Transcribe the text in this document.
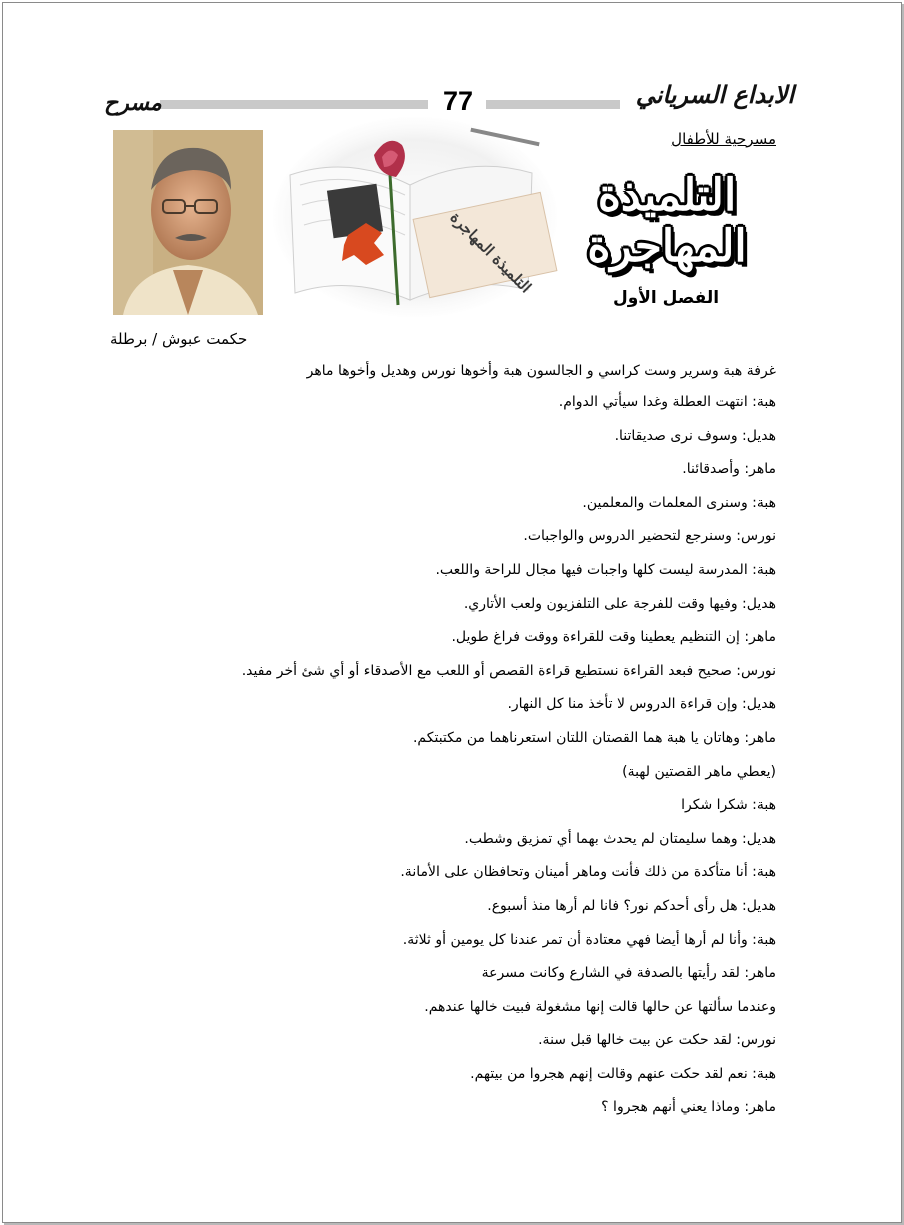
مسرح	77	الابداع السرياني
التلميذة المهاجرة
مسرحية للأطفال
التلميذة المهاجرة
الفصل الأول
حكمت عبوش / برطلة
غرفة هبة وسرير وست كراسي و الجالسون هبة وأخوها نورس وهديل وأخوها ماهر
هبة: انتهت العطلة وغدا سيأتي الدوام.
هديل: وسوف نرى صديقاتنا.
ماهر: وأصدقائنا.
هبة: وسنرى المعلمات والمعلمين.
نورس: وسنرجع لتحضير الدروس والواجبات.
هبة: المدرسة ليست كلها واجبات فيها مجال للراحة واللعب.
هديل: وفيها وقت للفرجة على التلفزيون ولعب الأتاري.
ماهر: إن التنظيم يعطينا وقت للقراءة ووقت فراغ طويل.
نورس: صحيح فبعد القراءة نستطيع قراءة القصص أو اللعب مع الأصدقاء أو أي شئ أخر مفيد.
هديل: وإن قراءة الدروس لا تأخذ منا كل النهار.
ماهر: وهاتان يا هبة هما القصتان اللتان استعرناهما من مكتبتكم.
(يعطي ماهر القصتين لهبة)
هبة: شكرا شكرا
هديل: وهما سليمتان لم يحدث بهما أي تمزيق وشطب.
هبة: أنا متأكدة من ذلك فأنت وماهر أمينان وتحافظان على الأمانة.
هديل: هل رأى أحدكم نور؟ فانا لم أرها منذ أسبوع.
هبة: وأنا لم أرها أيضا فهي معتادة أن تمر عندنا كل يومين أو ثلاثة.
ماهر: لقد رأيتها بالصدفة في الشارع وكانت مسرعة
وعندما سألتها عن حالها قالت إنها مشغولة فبيت خالها عندهم.
نورس: لقد حكت عن بيت خالها قبل سنة.
هبة: نعم لقد حكت عنهم وقالت إنهم هجروا من بيتهم.
ماهر: وماذا يعني أنهم هجروا ؟
